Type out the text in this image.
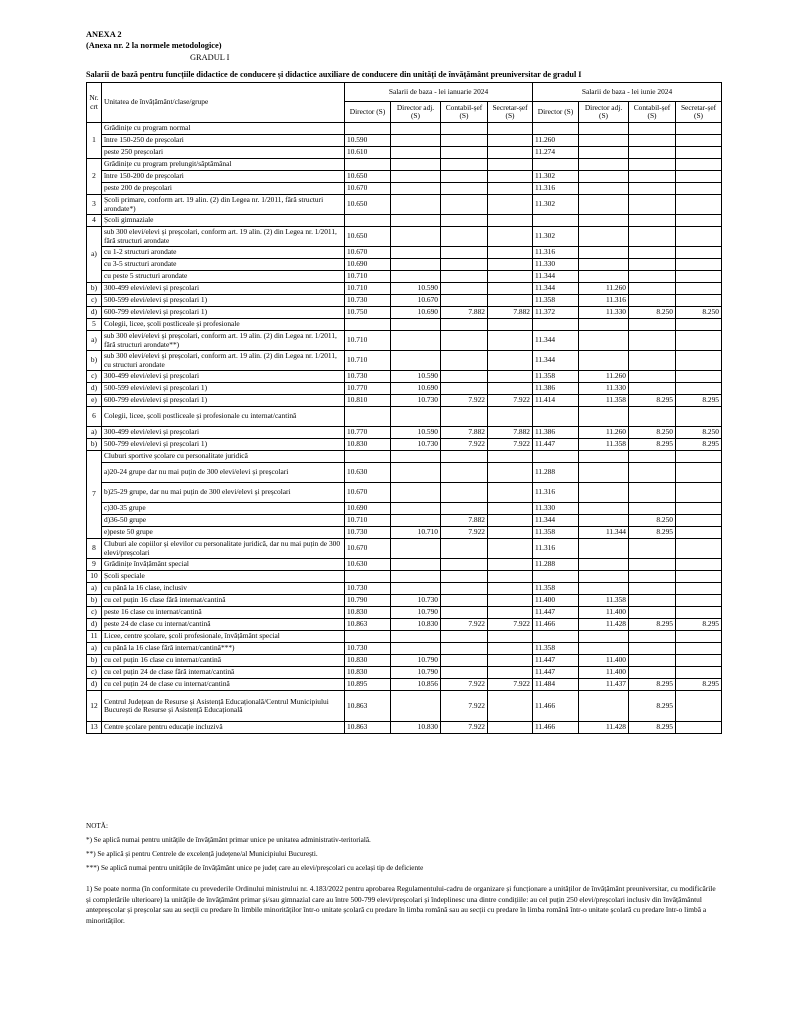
ANEXA 2
(Anexa nr. 2 la normele metodologice)
GRADUL I
Salarii de bază pentru funcțiile didactice de conducere și didactice auxiliare de conducere din unități de învățământ preuniversitar de gradul I
Nr. crt	Unitatea de învățământ/clase/grupe	Salarii de baza - lei ianuarie 2024				Salarii de baza - lei iunie 2024			
		Director (S)	Director adj. (S)	Contabil-șef (S)	Secretar-șef (S)	Director (S)	Director adj. (S)	Contabil-șef (S)	Secretar-șef (S)
1	Grădinițe cu program normal								
	între 150-250 de preșcolari	10.590				11.260			
	peste 250 preșcolari	10.610				11.274			
2	Grădinițe cu program prelungit/săptămânal								
	între 150-200 de preșcolari	10.650				11.302			
	peste 200 de preșcolari	10.670				11.316			
3	Școli primare, conform art. 19 alin. (2) din Legea nr. 1/2011, fără structuri arondate*)	10.650				11.302			
4	Școli gimnaziale								
a)	sub 300 elevi/elevi și preșcolari, conform art. 19 alin. (2) din Legea nr. 1/2011, fără structuri arondate	10.650				11.302			
	cu 1-2 structuri arondate	10.670				11.316			
	cu 3-5 structuri arondate	10.690				11.330			
	cu peste 5 structuri arondate	10.710				11.344			
b)	300-499 elevi/elevi și preșcolari	10.710	10.590			11.344	11.260		
c)	500-599 elevi/elevi și preșcolari 1)	10.730	10.670			11.358	11.316		
d)	600-799 elevi/elevi și preșcolari 1)	10.750	10.690	7.882	7.882	11.372	11.330	8.250	8.250
5	Colegii, licee, școli postliceale și profesionale								
a)	sub 300 elevi/elevi și preșcolari, conform art. 19 alin. (2) din Legea nr. 1/2011, fără structuri arondate**)	10.710				11.344			
b)	sub 300 elevi/elevi și preșcolari, conform art. 19 alin. (2) din Legea nr. 1/2011, cu structuri arondate	10.710				11.344			
c)	300-499 elevi/elevi și preșcolari	10.730	10.590			11.358	11.260		
d)	500-599 elevi/elevi și preșcolari 1)	10.770	10.690			11.386	11.330		
e)	600-799 elevi/elevi și preșcolari 1)	10.810	10.730	7.922	7.922	11.414	11.358	8.295	8.295
6	Colegii, licee, școli postliceale și profesionale cu internat/cantină								
a)	300-499 elevi/elevi și preșcolari	10.770	10.590	7.882	7.882	11.386	11.260	8.250	8.250
b)	500-799 elevi/elevi și preșcolari 1)	10.830	10.730	7.922	7.922	11.447	11.358	8.295	8.295
7	Cluburi sportive școlare cu personalitate juridică								
	a)20-24 grupe dar nu mai puțin de 300 elevi/elevi și preșcolari	10.630				11.288			
	b)25-29 grupe, dar nu mai puțin de 300 elevi/elevi și preșcolari	10.670				11.316			
	c)30-35 grupe	10.690				11.330			
	d)36-50 grupe	10.710		7.882		11.344		8.250	
	e)peste 50 grupe	10.730	10.710	7.922		11.358	11.344	8.295	
8	Cluburi ale copiilor și elevilor cu personalitate juridică, dar nu mai puțin de 300 elevi/preșcolari	10.670				11.316			
9	Grădinițe învățământ special	10.630				11.288			
10	Școli speciale								
a)	cu până la 16 clase, inclusiv	10.730				11.358			
b)	cu cel puțin 16 clase fără internat/cantină	10.790	10.730			11.400	11.358		
c)	peste 16 clase cu internat/cantină	10.830	10.790			11.447	11.400		
d)	peste 24 de clase cu internat/cantină	10.863	10.830	7.922	7.922	11.466	11.428	8.295	8.295
11	Licee, centre școlare, școli profesionale, învățământ special								
a)	cu până la 16 clase fără internat/cantină***)	10.730				11.358			
b)	cu cel puțin 16 clase cu internat/cantină	10.830	10.790			11.447	11.400		
c)	cu cel puțin 24 de clase fără internat/cantină	10.830	10.790			11.447	11.400		
d)	cu cel puțin 24 de clase cu internat/cantină	10.895	10.856	7.922	7.922	11.484	11.437	8.295	8.295
12	Centrul Județean de Resurse și Asistență Educațională/Centrul Municipiului București de Resurse și Asistență Educațională	10.863		7.922		11.466		8.295	
13	Centre școlare pentru educație incluzivă	10.863	10.830	7.922		11.466	11.428	8.295	
NOTĂ:
*) Se aplică numai pentru unitățile de învățământ primar unice pe unitatea administrativ-teritorială.
**) Se aplică și pentru Centrele de excelență județene/al Municipiului București.
***) Se aplică numai pentru unitățile de învățământ unice pe județ care au elevi/preșcolari cu același tip de deficiente
1) Se poate norma (în conformitate cu prevederile Ordinului ministrului nr. 4.183/2022 pentru aprobarea Regulamentului-cadru de organizare și funcționare a unităților de învățământ preuniversitar, cu modificările și completările ulterioare) la unitățile de învățământ primar și/sau gimnazial care au între 500-799 elevi/preșcolari și îndeplinesc una dintre condițiile: au cel puțin 250 elevi/preșcolari inclusiv din învățământul antepreșcolar și preșcolar sau au secții cu predare în limbile minorităților într-o unitate școlară cu predare în limba română sau au secții cu predare în limba română într-o unitate școlară cu predare într-o limbă a minorităților.
